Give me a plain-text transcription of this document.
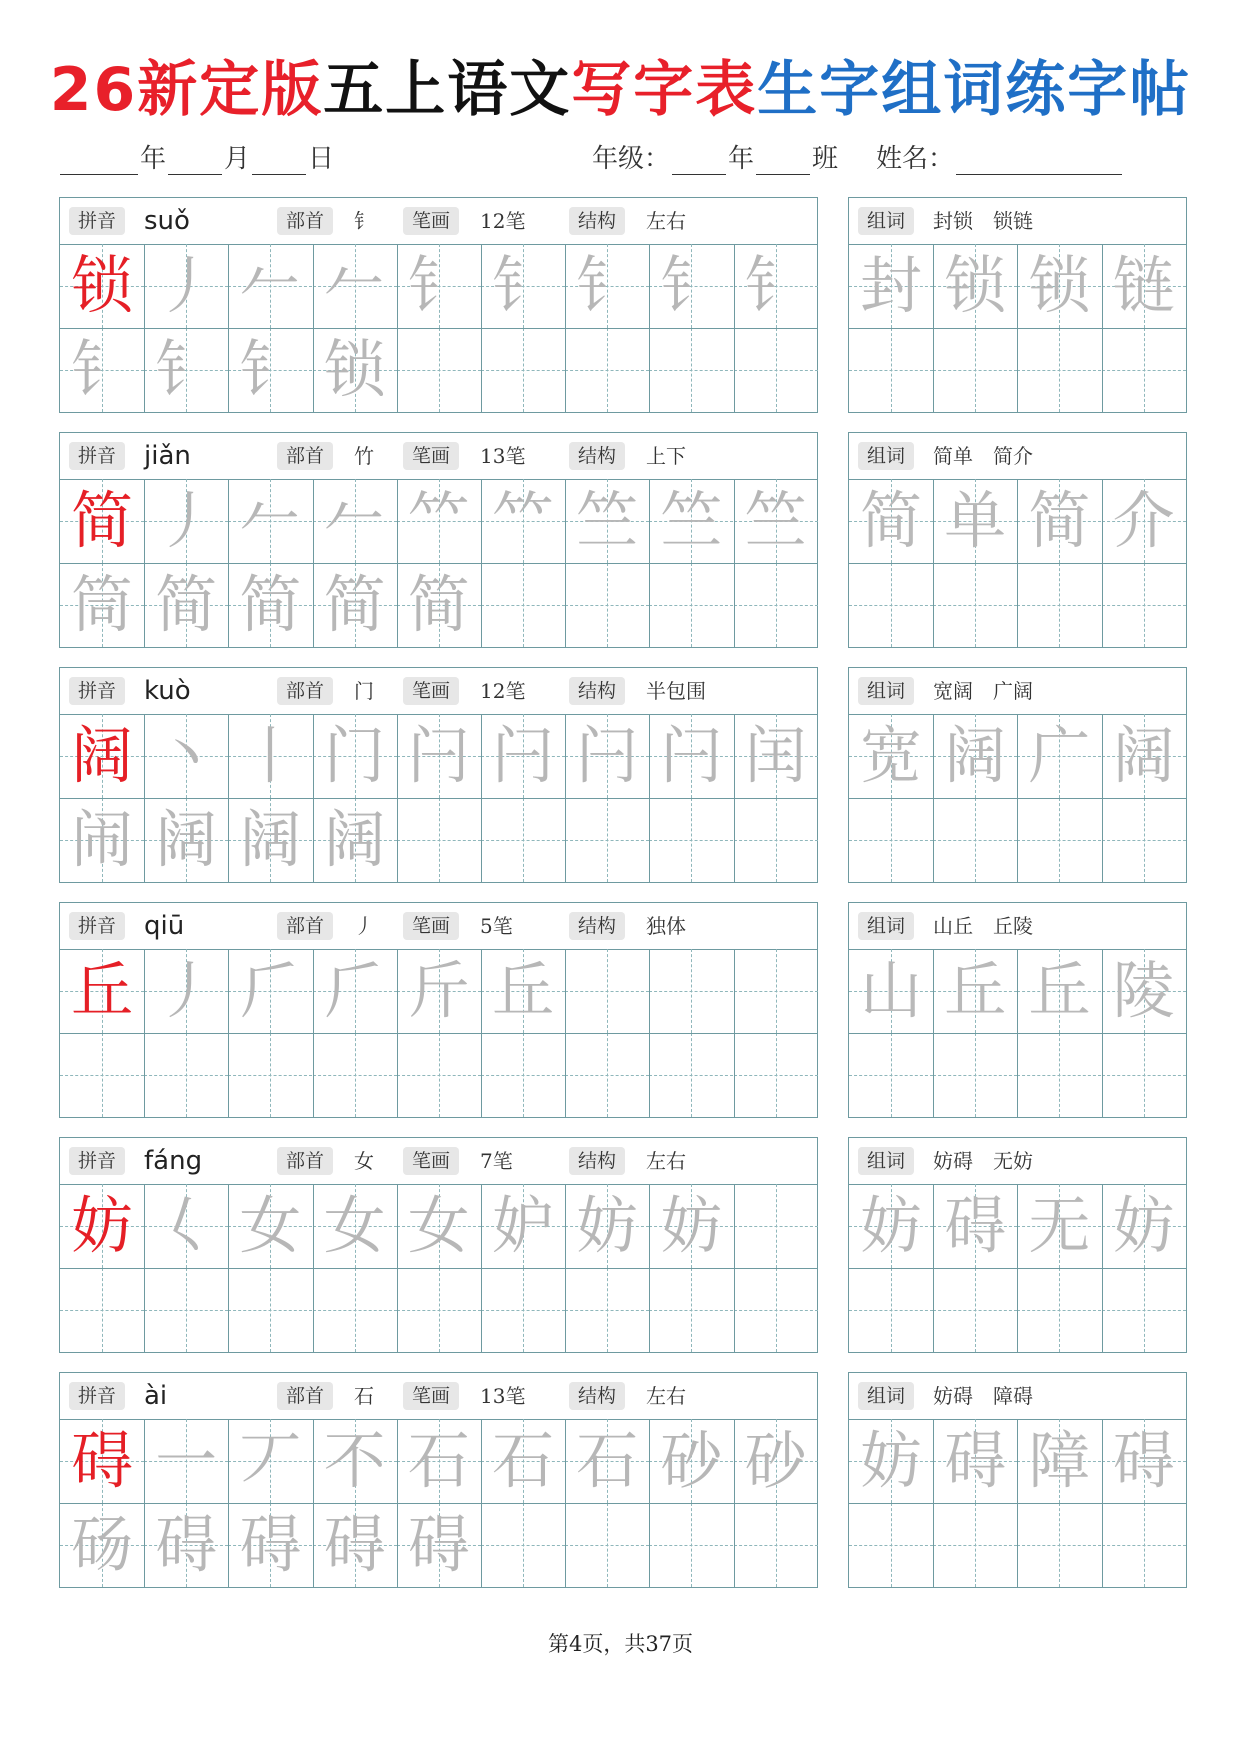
26新定版五上语文写字表生字组词练字帖
年 月 日	年级： 年 班 姓名：
拼音	suǒ	部首	钅	笔画	12笔	结构	左右
锁 丿 𠂉 𠂉 钅 钅 钅 钅 钅
钅 钅 钅 锁
组词	封锁　锁链
封 锁 锁 链
拼音	jiǎn	部首	竹	笔画	13笔	结构	上下
简 丿 𠂉 𠂉 𥫗 𥫗 竺 竺 竺
筒 简 简 简 简
组词	简单　简介
简 单 简 介
拼音	kuò	部首	门	笔画	12笔	结构	半包围
阔 丶 丨 门 闩 闩 闩 闩 闰
闹 阔 阔 阔
组词	宽阔　广阔
宽 阔 广 阔
拼音	qiū	部首	丿	笔画	5笔	结构	独体
丘 丿 𠂆 𠂆 斤 丘
组词	山丘　丘陵
山 丘 丘 陵
拼音	fáng	部首	女	笔画	7笔	结构	左右
妨 𡿨 女 女 女 妒 妨 妨
组词	妨碍　无妨
妨 碍 无 妨
拼音	ài	部首	石	笔画	13笔	结构	左右
碍 一 丆 不 石 石 石 砂 砂
砀 碍 碍 碍 碍
组词	妨碍　障碍
妨 碍 障 碍
第4页，共37页
